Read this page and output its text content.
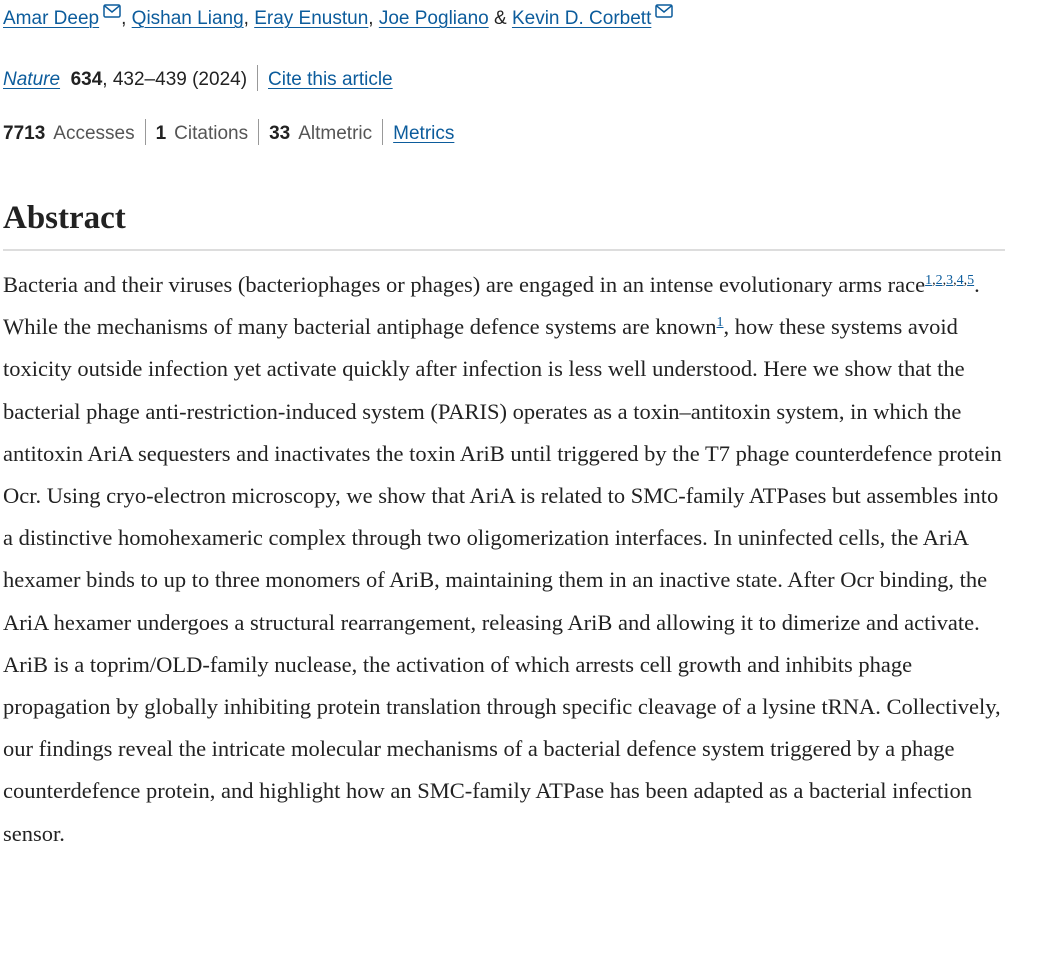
Amar Deep , Qishan Liang, Eray Enustun, Joe Pogliano & Kevin D. Corbett
Nature 634, 432–439 (2024) Cite this article
7713 Accesses 1 Citations 33 Altmetric Metrics
Abstract

Bacteria and their viruses (bacteriophages or phages) are engaged in an intense evolutionary arms race$^{1,2,3,4,5}$. While the mechanisms of many bacterial antiphage defence systems are known$^1$, how these systems avoid toxicity outside infection yet activate quickly after infection is less well understood. Here we show that the bacterial phage anti-restriction-induced system (PARIS) operates as a toxin–antitoxin system, in which the antitoxin AriA sequesters and inactivates the toxin AriB until triggered by the T7 phage counterdefence protein Ocr. Using cryo-electron microscopy, we show that AriA is related to SMC-family ATPases but assembles into a distinctive homohexameric complex through two oligomerization interfaces. In uninfected cells, the AriA hexamer binds to up to three monomers of AriB, maintaining them in an inactive state. After Ocr binding, the AriA hexamer undergoes a structural rearrangement, releasing AriB and allowing it to dimerize and activate. AriB is a toprim/OLD-family nuclease, the activation of which arrests cell growth and inhibits phage propagation by globally inhibiting protein translation through specific cleavage of a lysine tRNA. Collectively, our findings reveal the intricate molecular mechanisms of a bacterial defence system triggered by a phage counterdefence protein, and highlight how an SMC-family ATPase has been adapted as a bacterial infection sensor.
